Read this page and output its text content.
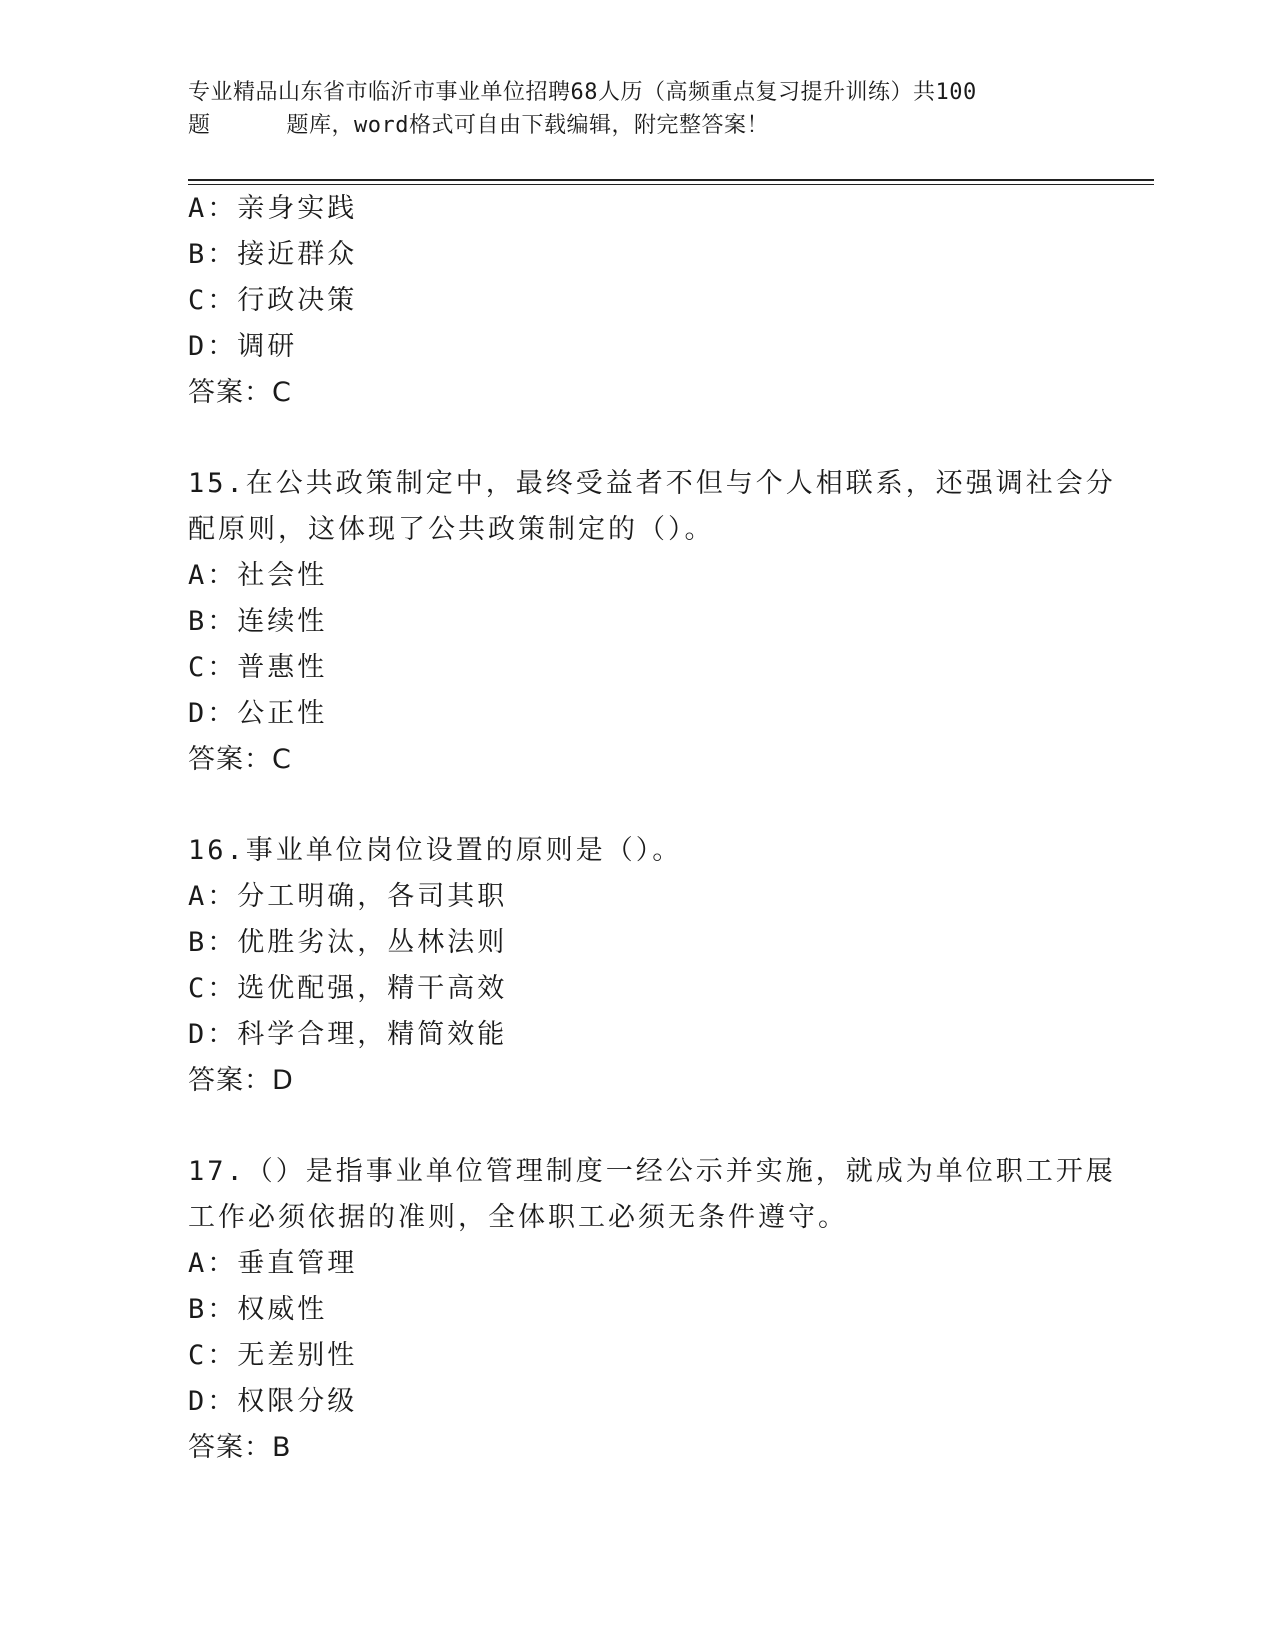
专业精品山东省市临沂市事业单位招聘68人历（高频重点复习提升训练）共100
题	题库，word格式可自由下载编辑，附完整答案！
A：亲身实践
B：接近群众
C：行政决策
D：调研
答案：C
15.在公共政策制定中，最终受益者不但与个人相联系，还强调社会分
配原则，这体现了公共政策制定的（）。
A：社会性
B：连续性
C：普惠性
D：公正性
答案：C
16.事业单位岗位设置的原则是（）。
A：分工明确，各司其职
B：优胜劣汰，丛林法则
C：选优配强，精干高效
D：科学合理，精简效能
答案：D
17.（）是指事业单位管理制度一经公示并实施，就成为单位职工开展
工作必须依据的准则，全体职工必须无条件遵守。
A：垂直管理
B：权威性
C：无差别性
D：权限分级
答案：B
